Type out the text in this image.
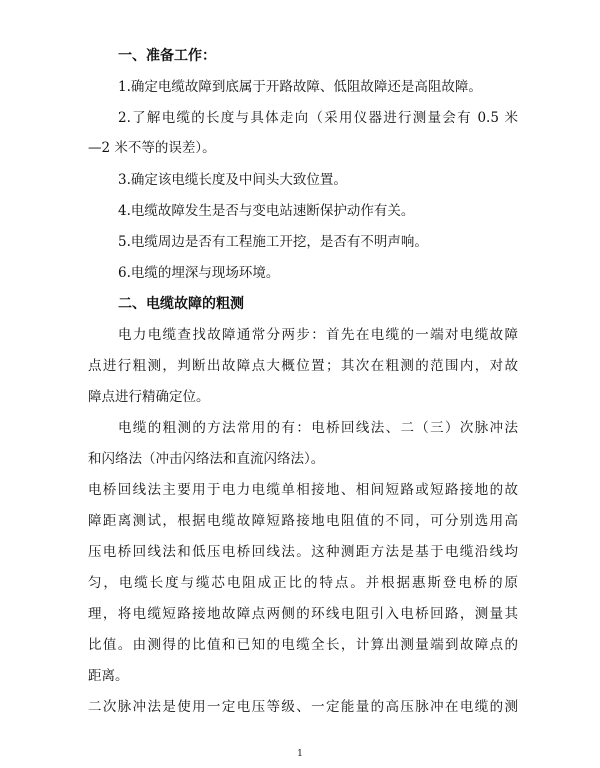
一、准备工作：
1.确定电缆故障到底属于开路故障、低阻故障还是高阻故障。
2.了解电缆的长度与具体走向（采用仪器进行测量会有 0.5 米
—2 米不等的误差）。
3.确定该电缆长度及中间头大致位置。
4.电缆故障发生是否与变电站速断保护动作有关。
5.电缆周边是否有工程施工开挖，是否有不明声响。
6.电缆的埋深与现场环境。
二、电缆故障的粗测
电力电缆查找故障通常分两步：首先在电缆的一端对电缆故障
点进行粗测，判断出故障点大概位置；其次在粗测的范围内，对故
障点进行精确定位。
电缆的粗测的方法常用的有：电桥回线法、二（三）次脉冲法
和闪络法（冲击闪络法和直流闪络法）。
电桥回线法主要用于电力电缆单相接地、相间短路或短路接地的故
障距离测试，根据电缆故障短路接地电阻值的不同，可分别选用高
压电桥回线法和低压电桥回线法。这种测距方法是基于电缆沿线均
匀，电缆长度与缆芯电阻成正比的特点。并根据惠斯登电桥的原
理，将电缆短路接地故障点两侧的环线电阻引入电桥回路，测量其
比值。由测得的比值和已知的电缆全长，计算出测量端到故障点的
距离。
二次脉冲法是使用一定电压等级、一定能量的高压脉冲在电缆的测
1
